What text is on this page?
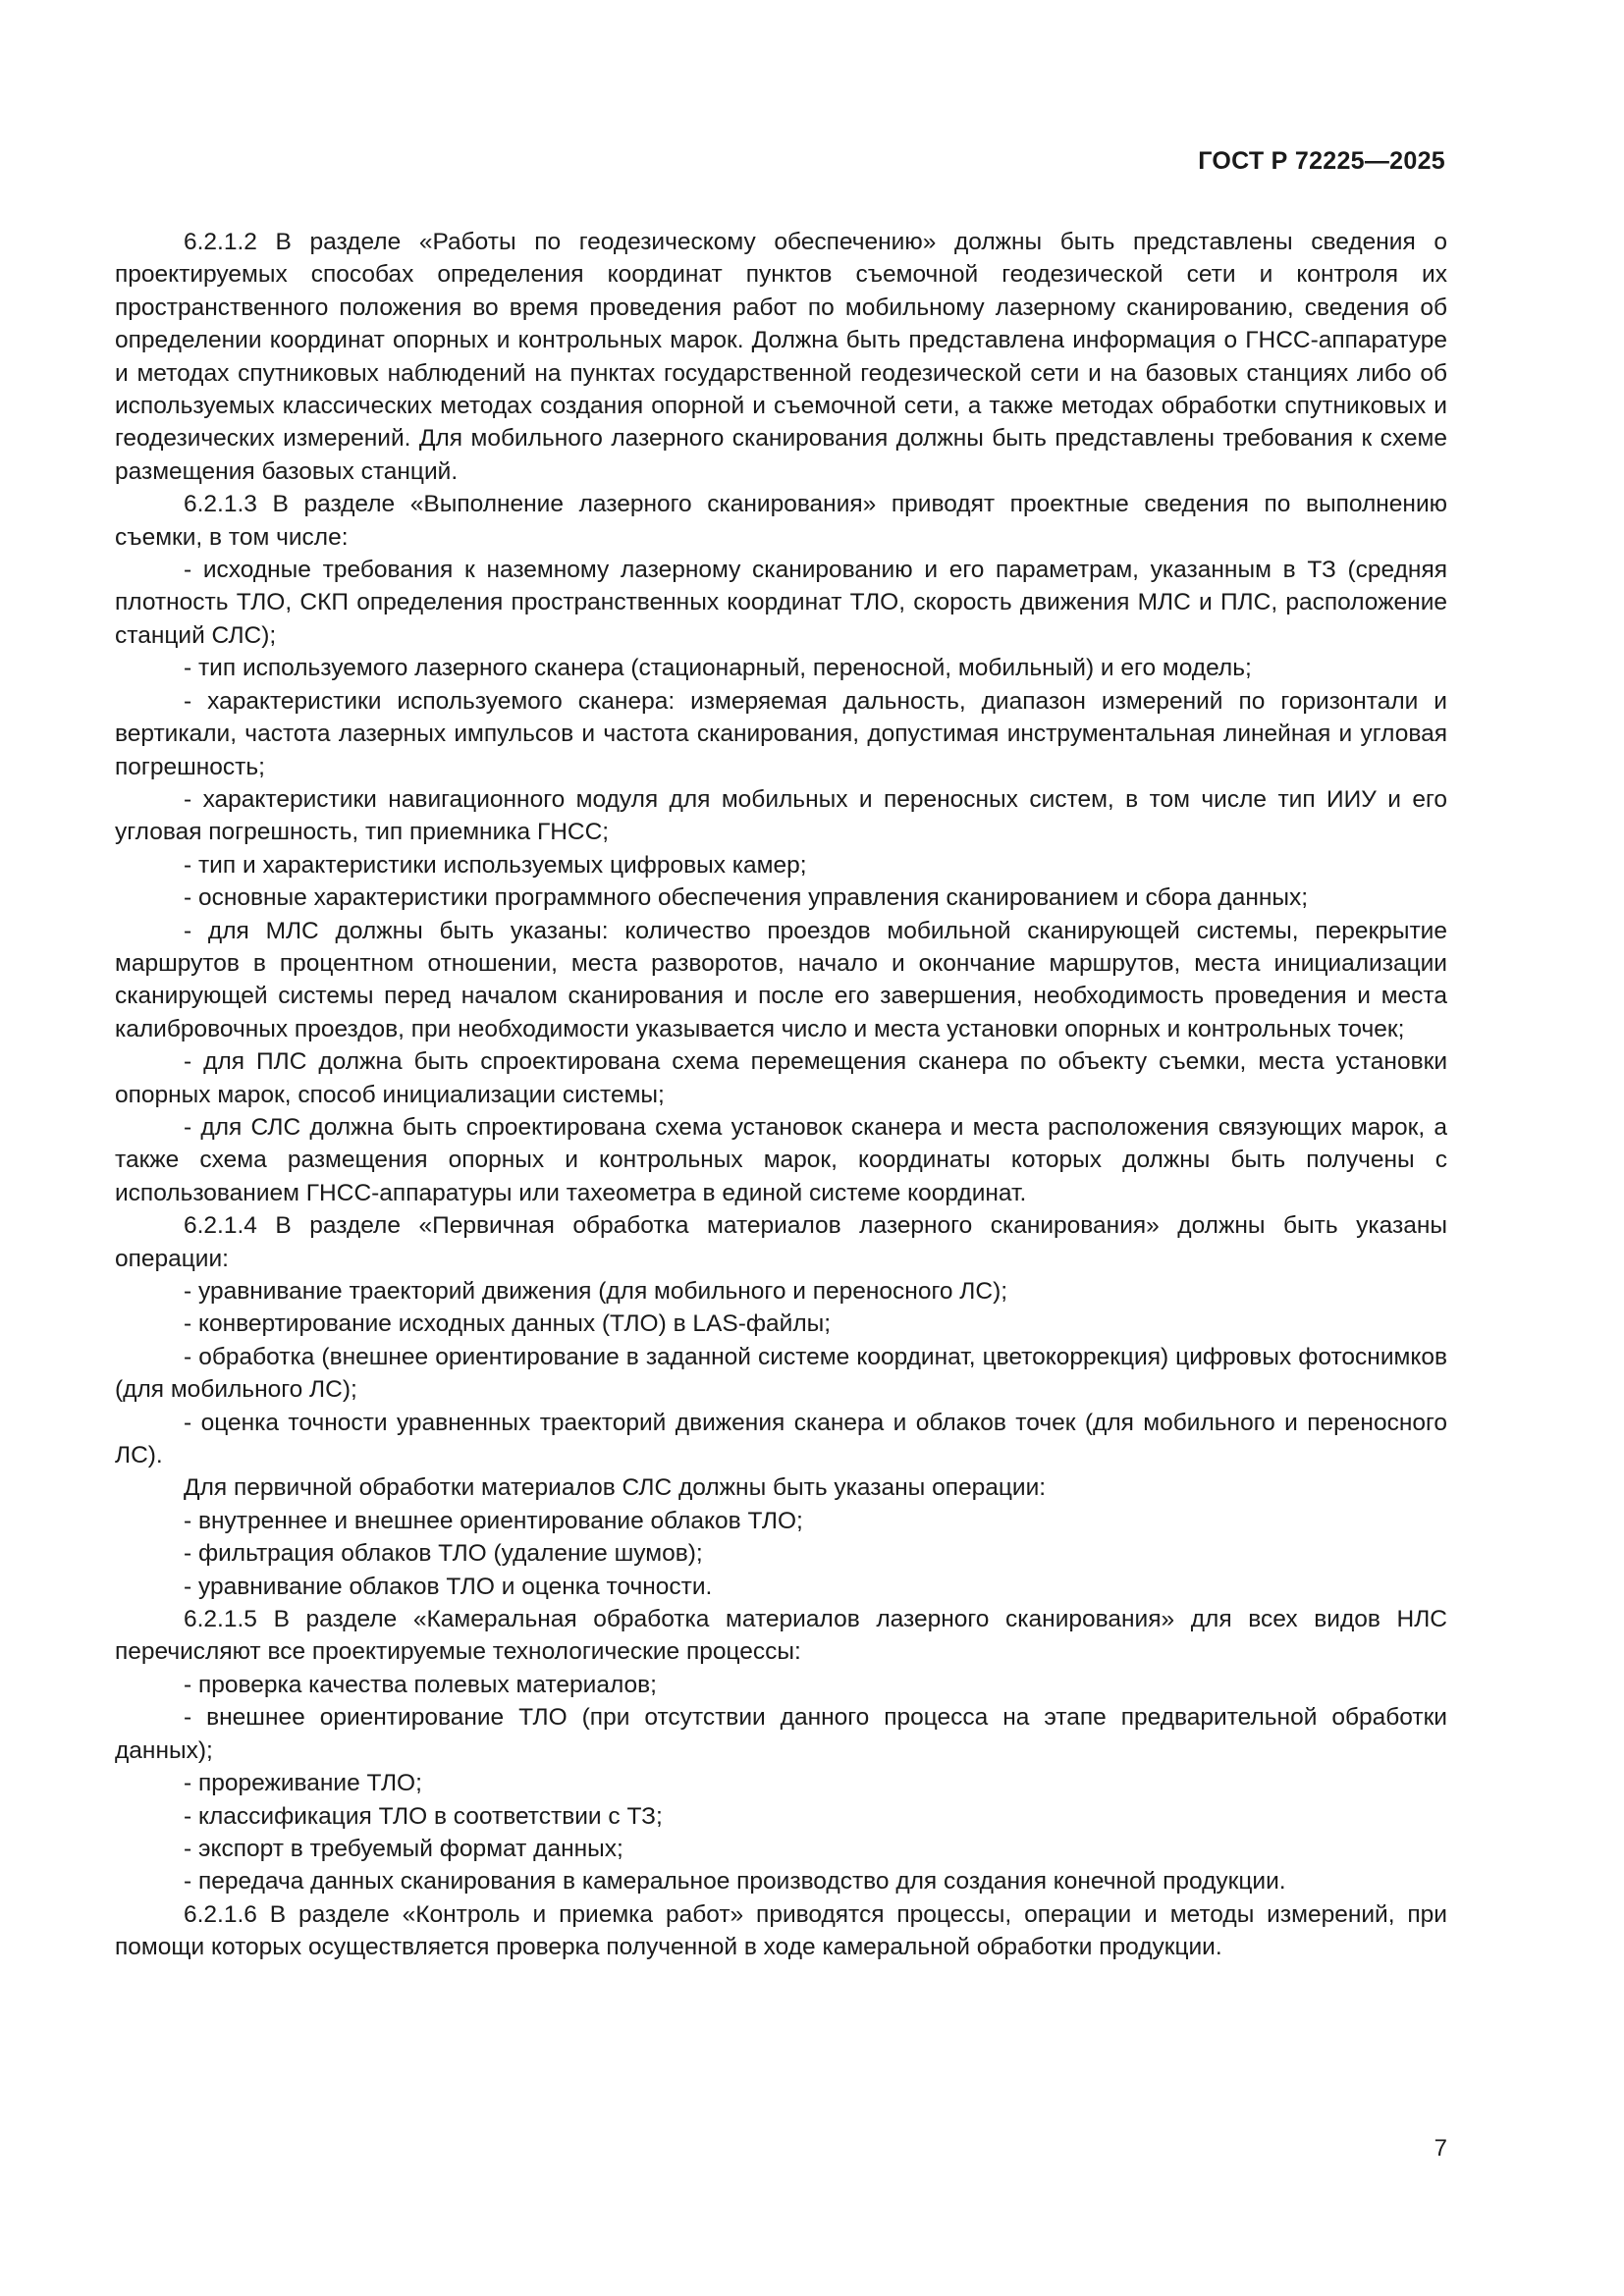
ГОСТ Р 72225—2025

6.2.1.2 В разделе «Работы по геодезическому обеспечению» должны быть представлены сведения о проектируемых способах определения координат пунктов съемочной геодезической сети и контроля их пространственного положения во время проведения работ по мобильному лазерному сканированию, сведения об определении координат опорных и контрольных марок. Должна быть представлена информация о ГНСС-аппаратуре и методах спутниковых наблюдений на пунктах государственной геодезической сети и на базовых станциях либо об используемых классических методах создания опорной и съемочной сети, а также методах обработки спутниковых и геодезических измерений. Для мобильного лазерного сканирования должны быть представлены требования к схеме размещения базовых станций.

6.2.1.3 В разделе «Выполнение лазерного сканирования» приводят проектные сведения по выполнению съемки, в том числе:

- исходные требования к наземному лазерному сканированию и его параметрам, указанным в ТЗ (средняя плотность ТЛО, СКП определения пространственных координат ТЛО, скорость движения МЛС и ПЛС, расположение станций СЛС);

- тип используемого лазерного сканера (стационарный, переносной, мобильный) и его модель;

- характеристики используемого сканера: измеряемая дальность, диапазон измерений по горизонтали и вертикали, частота лазерных импульсов и частота сканирования, допустимая инструментальная линейная и угловая погрешность;

- характеристики навигационного модуля для мобильных и переносных систем, в том числе тип ИИУ и его угловая погрешность, тип приемника ГНСС;

- тип и характеристики используемых цифровых камер;

- основные характеристики программного обеспечения управления сканированием и сбора данных;

- для МЛС должны быть указаны: количество проездов мобильной сканирующей системы, перекрытие маршрутов в процентном отношении, места разворотов, начало и окончание маршрутов, места инициализации сканирующей системы перед началом сканирования и после его завершения, необходимость проведения и места калибровочных проездов, при необходимости указывается число и места установки опорных и контрольных точек;

- для ПЛС должна быть спроектирована схема перемещения сканера по объекту съемки, места установки опорных марок, способ инициализации системы;

- для СЛС должна быть спроектирована схема установок сканера и места расположения связующих марок, а также схема размещения опорных и контрольных марок, координаты которых должны быть получены с использованием ГНСС-аппаратуры или тахеометра в единой системе координат.

6.2.1.4 В разделе «Первичная обработка материалов лазерного сканирования» должны быть указаны операции:

- уравнивание траекторий движения (для мобильного и переносного ЛС);

- конвертирование исходных данных (ТЛО) в LAS-файлы;

- обработка (внешнее ориентирование в заданной системе координат, цветокоррекция) цифровых фотоснимков (для мобильного ЛС);

- оценка точности уравненных траекторий движения сканера и облаков точек (для мобильного и переносного ЛС).

Для первичной обработки материалов СЛС должны быть указаны операции:

- внутреннее и внешнее ориентирование облаков ТЛО;

- фильтрация облаков ТЛО (удаление шумов);

- уравнивание облаков ТЛО и оценка точности.

6.2.1.5 В разделе «Камеральная обработка материалов лазерного сканирования» для всех видов НЛС перечисляют все проектируемые технологические процессы:

- проверка качества полевых материалов;

- внешнее ориентирование ТЛО (при отсутствии данного процесса на этапе предварительной обработки данных);

- прореживание ТЛО;

- классификация ТЛО в соответствии с ТЗ;

- экспорт в требуемый формат данных;

- передача данных сканирования в камеральное производство для создания конечной продукции.

6.2.1.6 В разделе «Контроль и приемка работ» приводятся процессы, операции и методы измерений, при помощи которых осуществляется проверка полученной в ходе камеральной обработки продукции.

7
